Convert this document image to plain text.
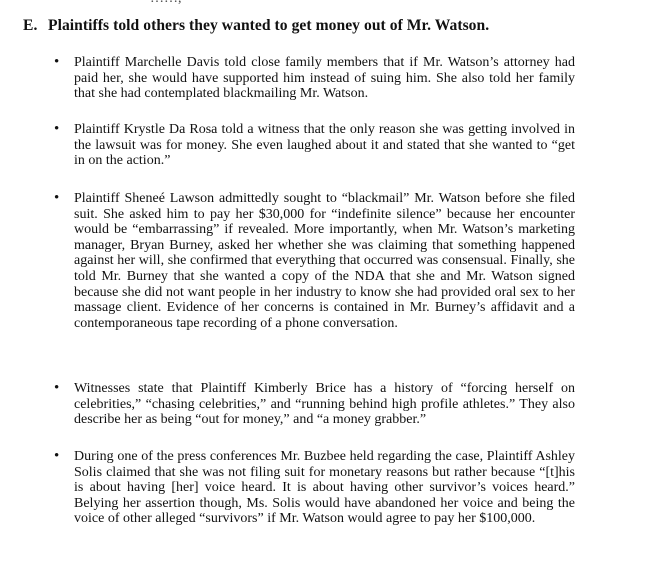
E. Plaintiffs told others they wanted to get money out of Mr. Watson.
• Plaintiff Marchelle Davis told close family members that if Mr. Watson’s attorney had paid her, she would have supported him instead of suing him. She also told her family that she had contemplated blackmailing Mr. Watson.

• Plaintiff Krystle Da Rosa told a witness that the only reason she was getting involved in the lawsuit was for money. She even laughed about it and stated that she wanted to “get in on the action.”

• Plaintiff Sheneé Lawson admittedly sought to “blackmail” Mr. Watson before she filed suit. She asked him to pay her $30,000 for “indefinite silence” because her encounter would be “embarrassing” if revealed. More importantly, when Mr. Watson’s marketing manager, Bryan Burney, asked her whether she was claiming that something happened against her will, she confirmed that everything that occurred was consensual. Finally, she told Mr. Burney that she wanted a copy of the NDA that she and Mr. Watson signed because she did not want people in her industry to know she had provided oral sex to her massage client. Evidence of her concerns is contained in Mr. Burney’s affidavit and a contemporaneous tape recording of a phone conversation.

• Witnesses state that Plaintiff Kimberly Brice has a history of “forcing herself on celebrities,” “chasing celebrities,” and “running behind high profile athletes.” They also describe her as being “out for money,” and “a money grabber.”

• During one of the press conferences Mr. Buzbee held regarding the case, Plaintiff Ashley Solis claimed that she was not filing suit for monetary reasons but rather because “[t]his is about having [her] voice heard. It is about having other survivor’s voices heard.” Belying her assertion though, Ms. Solis would have abandoned her voice and being the voice of other alleged “survivors” if Mr. Watson would agree to pay her $100,000.
